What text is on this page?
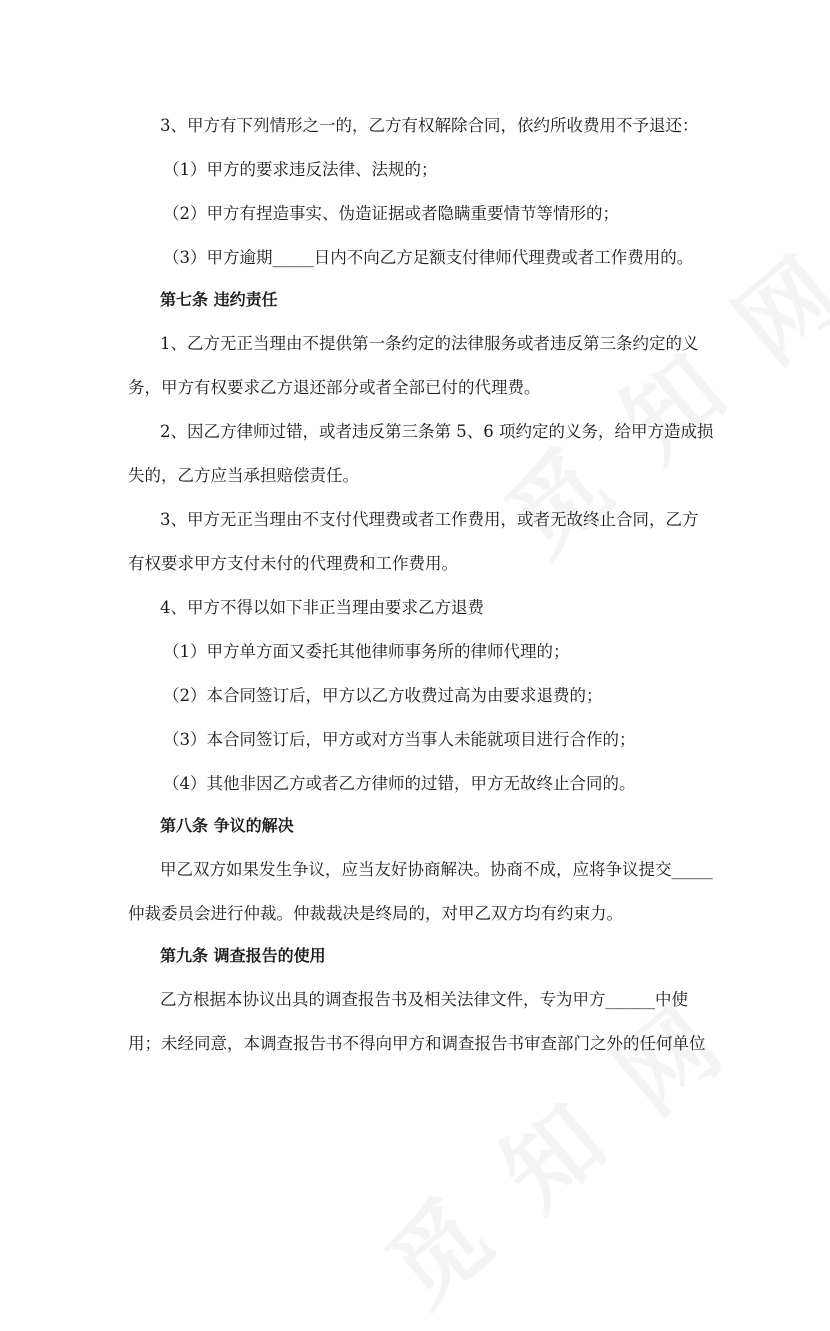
3、甲方有下列情形之一的，乙方有权解除合同，依约所收费用不予退还：
（1）甲方的要求违反法律、法规的；
（2）甲方有捏造事实、伪造证据或者隐瞒重要情节等情形的；
（3）甲方逾期_____日内不向乙方足额支付律师代理费或者工作费用的。
第七条 违约责任
1、乙方无正当理由不提供第一条约定的法律服务或者违反第三条约定的义
务，甲方有权要求乙方退还部分或者全部已付的代理费。
2、因乙方律师过错，或者违反第三条第 5、6 项约定的义务，给甲方造成损
失的，乙方应当承担赔偿责任。
3、甲方无正当理由不支付代理费或者工作费用，或者无故终止合同，乙方
有权要求甲方支付未付的代理费和工作费用。
4、甲方不得以如下非正当理由要求乙方退费
（1）甲方单方面又委托其他律师事务所的律师代理的；
（2）本合同签订后，甲方以乙方收费过高为由要求退费的；
（3）本合同签订后，甲方或对方当事人未能就项目进行合作的；
（4）其他非因乙方或者乙方律师的过错，甲方无故终止合同的。
第八条 争议的解决
甲乙双方如果发生争议，应当友好协商解决。协商不成，应将争议提交_____
仲裁委员会进行仲裁。仲裁裁决是终局的，对甲乙双方均有约束力。
第九条 调查报告的使用
乙方根据本协议出具的调查报告书及相关法律文件，专为甲方______中使
用；未经同意，本调查报告书不得向甲方和调查报告书审查部门之外的任何单位
